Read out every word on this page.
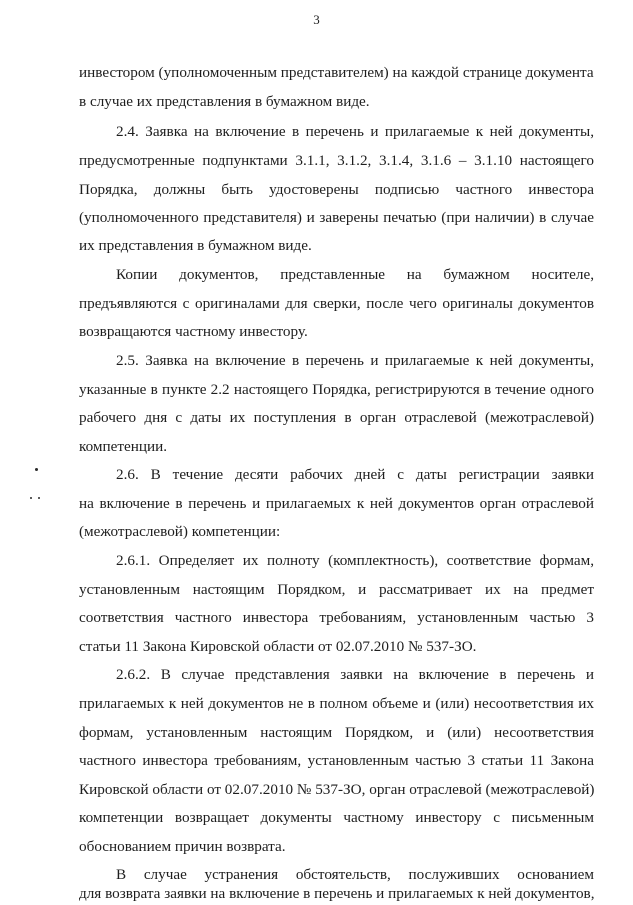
3
инвестором (уполномоченным представителем) на каждой странице документа
в случае их представления в бумажном виде.
2.4. Заявка на включение в перечень и прилагаемые к ней документы,
предусмотренные подпунктами 3.1.1, 3.1.2, 3.1.4, 3.1.6 – 3.1.10 настоящего
Порядка, должны быть удостоверены подписью частного инвестора
(уполномоченного представителя) и заверены печатью (при наличии) в случае
их представления в бумажном виде.
Копии документов, представленные на бумажном носителе,
предъявляются с оригиналами для сверки, после чего оригиналы документов
возвращаются частному инвестору.
2.5. Заявка на включение в перечень и прилагаемые к ней документы,
указанные в пункте 2.2 настоящего Порядка, регистрируются в течение одного
рабочего дня с даты их поступления в орган отраслевой (межотраслевой)
компетенции.
2.6. В течение десяти рабочих дней с даты регистрации заявки
на включение в перечень и прилагаемых к ней документов орган отраслевой
(межотраслевой) компетенции:
2.6.1. Определяет их полноту (комплектность), соответствие формам,
установленным настоящим Порядком, и рассматривает их на предмет
соответствия частного инвестора требованиям, установленным частью 3
статьи 11 Закона Кировской области от 02.07.2010 № 537-ЗО.
2.6.2. В случае представления заявки на включение в перечень и
прилагаемых к ней документов не в полном объеме и (или) несоответствия их
формам, установленным настоящим Порядком, и (или) несоответствия
частного инвестора требованиям, установленным частью 3 статьи 11 Закона
Кировской области от 02.07.2010 № 537-ЗО, орган отраслевой (межотраслевой)
компетенции возвращает документы частному инвестору с письменным
обоснованием причин возврата.
В случае устранения обстоятельств, послуживших основанием
для возврата заявки на включение в перечень и прилагаемых к ней документов,
